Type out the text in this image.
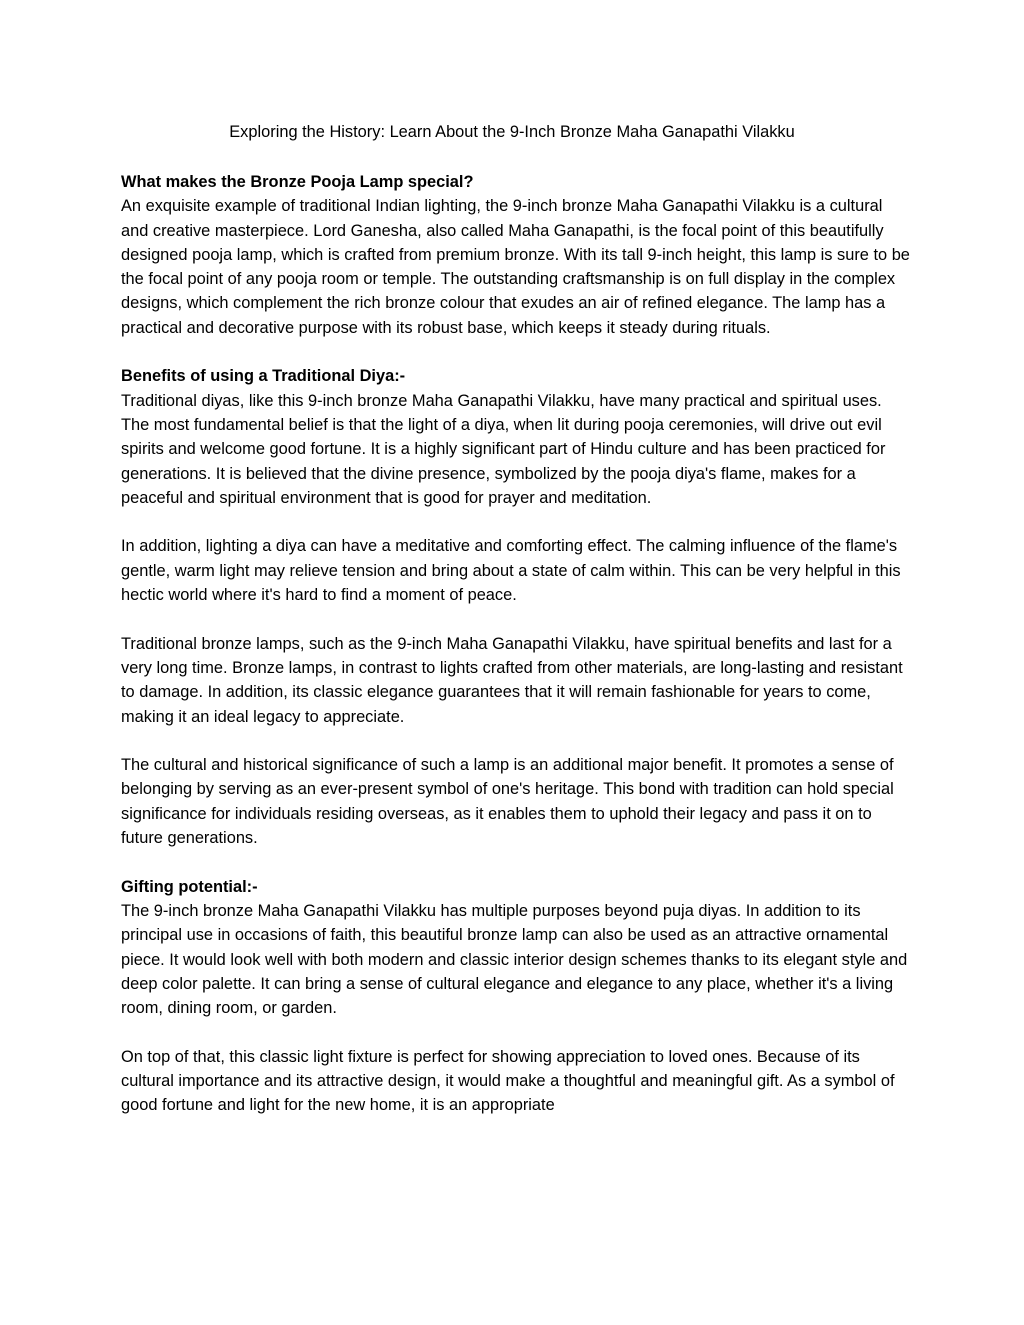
Exploring the History: Learn About the 9-Inch Bronze Maha Ganapathi Vilakku

What makes the Bronze Pooja Lamp special?

An exquisite example of traditional Indian lighting, the 9-inch bronze Maha Ganapathi Vilakku is a cultural and creative masterpiece. Lord Ganesha, also called Maha Ganapathi, is the focal point of this beautifully designed pooja lamp, which is crafted from premium bronze. With its tall 9-inch height, this lamp is sure to be the focal point of any pooja room or temple. The outstanding craftsmanship is on full display in the complex designs, which complement the rich bronze colour that exudes an air of refined elegance. The lamp has a practical and decorative purpose with its robust base, which keeps it steady during rituals.

Benefits of using a Traditional Diya:-

Traditional diyas, like this 9-inch bronze Maha Ganapathi Vilakku, have many practical and spiritual uses. The most fundamental belief is that the light of a diya, when lit during pooja ceremonies, will drive out evil spirits and welcome good fortune. It is a highly significant part of Hindu culture and has been practiced for generations. It is believed that the divine presence, symbolized by the pooja diya's flame, makes for a peaceful and spiritual environment that is good for prayer and meditation.

In addition, lighting a diya can have a meditative and comforting effect. The calming influence of the flame's gentle, warm light may relieve tension and bring about a state of calm within. This can be very helpful in this hectic world where it's hard to find a moment of peace.

Traditional bronze lamps, such as the 9-inch Maha Ganapathi Vilakku, have spiritual benefits and last for a very long time. Bronze lamps, in contrast to lights crafted from other materials, are long-lasting and resistant to damage. In addition, its classic elegance guarantees that it will remain fashionable for years to come, making it an ideal legacy to appreciate.

The cultural and historical significance of such a lamp is an additional major benefit. It promotes a sense of belonging by serving as an ever-present symbol of one's heritage. This bond with tradition can hold special significance for individuals residing overseas, as it enables them to uphold their legacy and pass it on to future generations.

Gifting potential:-

The 9-inch bronze Maha Ganapathi Vilakku has multiple purposes beyond puja diyas. In addition to its principal use in occasions of faith, this beautiful bronze lamp can also be used as an attractive ornamental piece. It would look well with both modern and classic interior design schemes thanks to its elegant style and deep color palette. It can bring a sense of cultural elegance and elegance to any place, whether it's a living room, dining room, or garden.

On top of that, this classic light fixture is perfect for showing appreciation to loved ones. Because of its cultural importance and its attractive design, it would make a thoughtful and meaningful gift. As a symbol of good fortune and light for the new home, it is an appropriate
